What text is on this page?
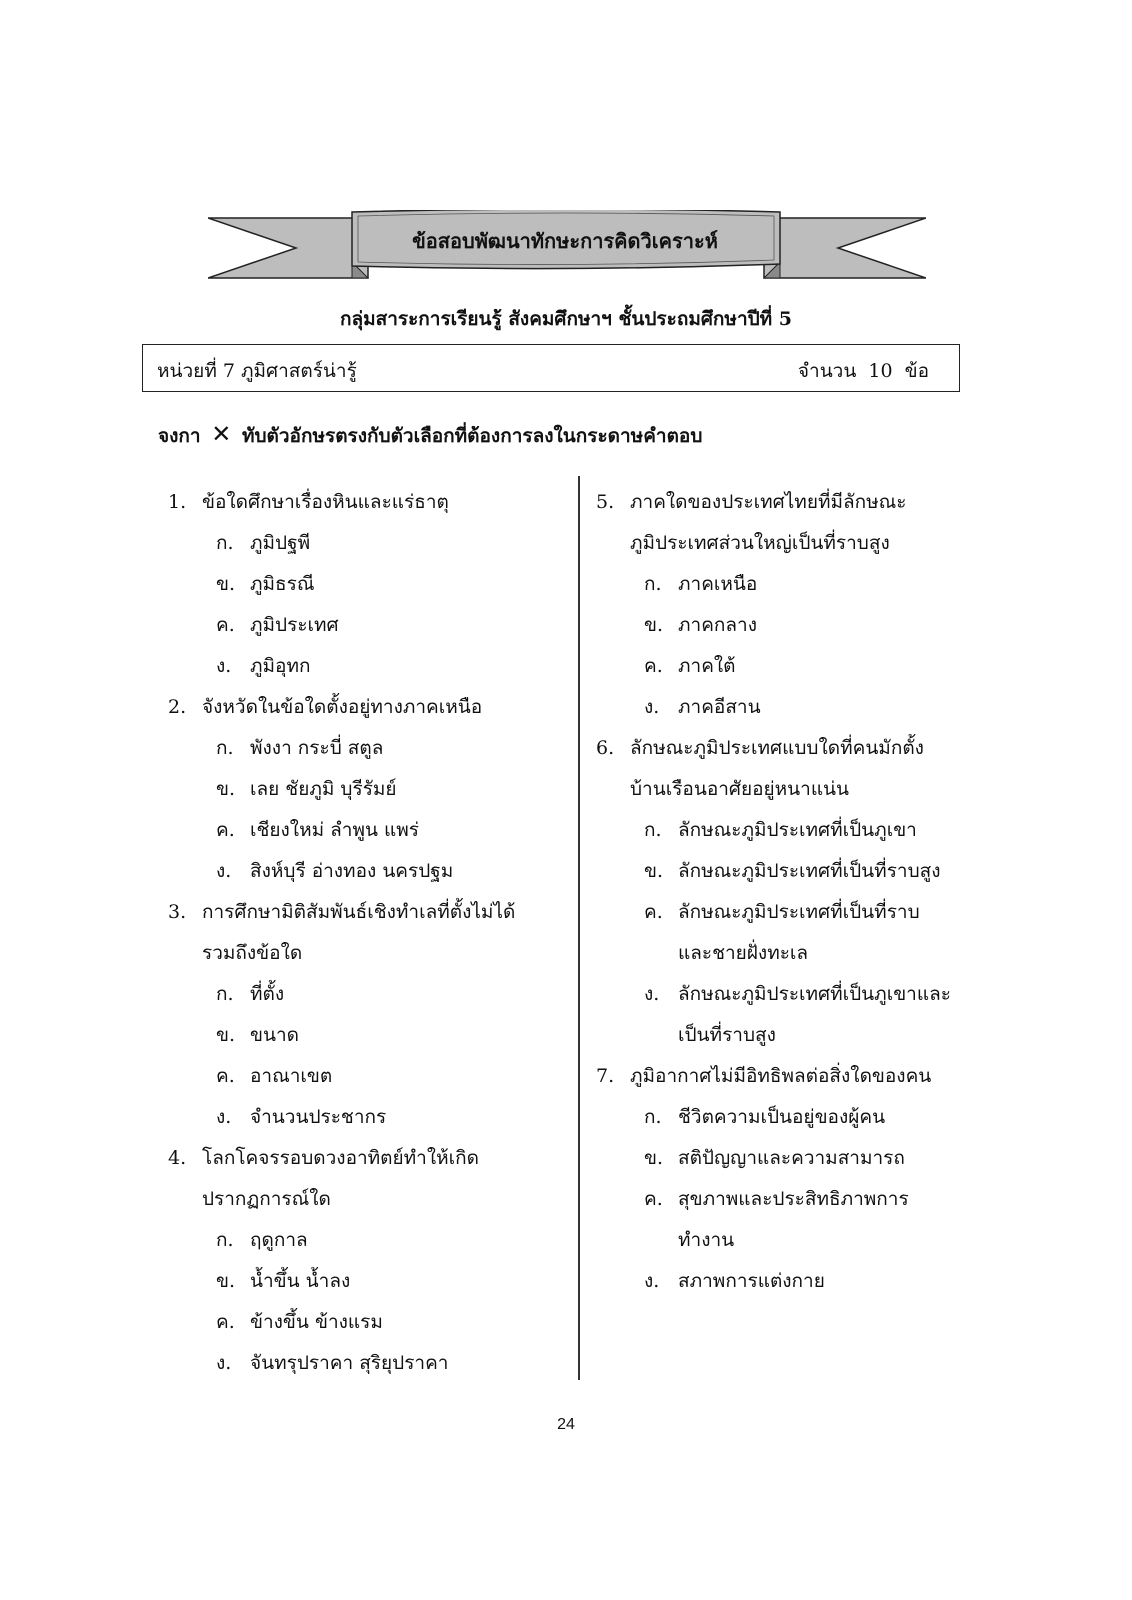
ข้อสอบพัฒนาทักษะการคิดวิเคราะห์
กลุ่มสาระการเรียนรู้ สังคมศึกษาฯ ชั้นประถมศึกษาปีที่ 5
หน่วยที่ 7 ภูมิศาสตร์น่ารู้	จำนวน 10 ข้อ
จงกา ✕ ทับตัวอักษรตรงกับตัวเลือกที่ต้องการลงในกระดาษคำตอบ
1. ข้อใดศึกษาเรื่องหินและแร่ธาตุ
ก. ภูมิปฐพี
ข. ภูมิธรณี
ค. ภูมิประเทศ
ง. ภูมิอุทก
2. จังหวัดในข้อใดตั้งอยู่ทางภาคเหนือ
ก. พังงา กระบี่ สตูล
ข. เลย ชัยภูมิ บุรีรัมย์
ค. เชียงใหม่ ลำพูน แพร่
ง. สิงห์บุรี อ่างทอง นครปฐม
3. การศึกษามิติสัมพันธ์เชิงทำเลที่ตั้งไม่ได้
รวมถึงข้อใด
ก. ที่ตั้ง
ข. ขนาด
ค. อาณาเขต
ง. จำนวนประชากร
4. โลกโคจรรอบดวงอาทิตย์ทำให้เกิด
ปรากฏการณ์ใด
ก. ฤดูกาล
ข. น้ำขึ้น น้ำลง
ค. ข้างขึ้น ข้างแรม
ง. จันทรุปราคา สุริยุปราคา
5. ภาคใดของประเทศไทยที่มีลักษณะ
ภูมิประเทศส่วนใหญ่เป็นที่ราบสูง
ก. ภาคเหนือ
ข. ภาคกลาง
ค. ภาคใต้
ง. ภาคอีสาน
6. ลักษณะภูมิประเทศแบบใดที่คนมักตั้ง
บ้านเรือนอาศัยอยู่หนาแน่น
ก. ลักษณะภูมิประเทศที่เป็นภูเขา
ข. ลักษณะภูมิประเทศที่เป็นที่ราบสูง
ค. ลักษณะภูมิประเทศที่เป็นที่ราบ
และชายฝั่งทะเล
ง. ลักษณะภูมิประเทศที่เป็นภูเขาและ
เป็นที่ราบสูง
7. ภูมิอากาศไม่มีอิทธิพลต่อสิ่งใดของคน
ก. ชีวิตความเป็นอยู่ของผู้คน
ข. สติปัญญาและความสามารถ
ค. สุขภาพและประสิทธิภาพการ
ทำงาน
ง. สภาพการแต่งกาย
24
